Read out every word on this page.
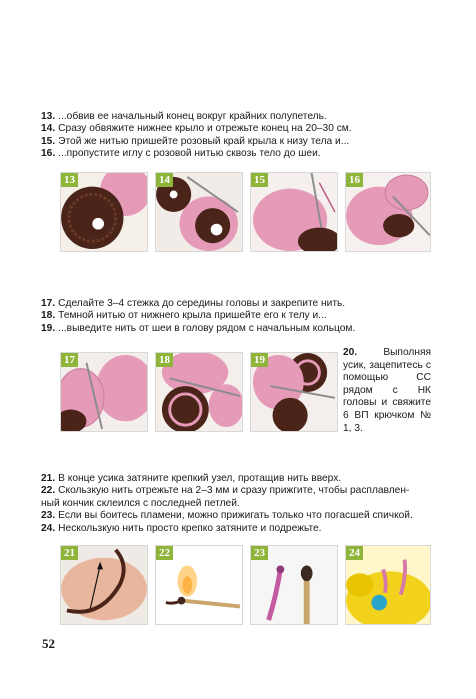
13. ...обвив ее начальный конец вокруг крайних полупетель.

14. Сразу обвяжите нижнее крыло и отрежьте конец на 20–30 см.

15. Этой же нитью пришейте розовый край крыла к низу тела и...

16. ...пропустите иглу с розовой нитью сквозь тело до шеи.

13	14	15	16

17. Сделайте 3–4 стежка до середины головы и закрепите нить.

18. Темной нитью от нижнего крыла пришейте его к телу и...

19. ...выведите нить от шеи в голову рядом с начальным кольцом.

17	18	19
20.	Выполняя усик, зацепитесь с помощью СС рядом с НК головы и свяжите 6 ВП крючком № 1, 3.

21. В конце усика затяните крепкий узел, протащив нить вверх.

22. Скользкую нить отрежьте на 2–3 мм и сразу прижгите, чтобы расплавлен-

ный кончик склеился с последней петлей.

23. Если вы боитесь пламени, можно прижигать только что погасшей спичкой.

24. Нескользкую нить просто крепко затяните и подрежьте.

21	22	23	24
52
